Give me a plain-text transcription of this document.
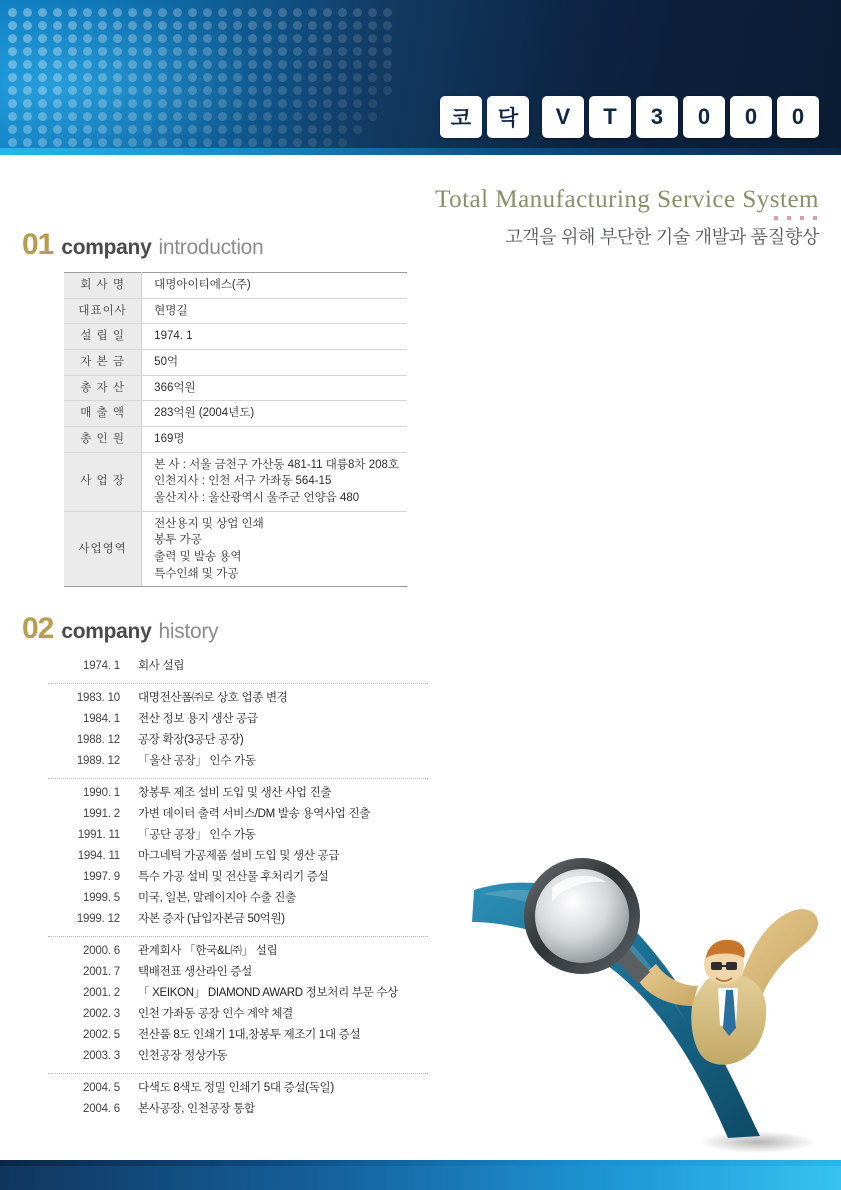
코	닥	V	T	3	0	0	0
Total Manufacturing Service System
고객을 위해 부단한 기술 개발과 품질향상
01 company introduction
회 사 명	대명아이티에스(주)

대표이사	현명길

설 립 일	1974. 1

자 본 금	50억

총 자 산	366억원

매 출 액	283억원 (2004년도)

총 인 원	169명

사 업 장	본 사 : 서울 금천구 가산동 481-11 대륭8차 208호
인천지사 : 인천 서구 가좌동 564-15
울산지사 : 울산광역시 울주군 언양읍 480

사업영역	전산용지 및 상업 인쇄
봉투 가공
출력 및 발송 용역
특수인쇄 및 가공
02 company history
1974. 1	회사 설립
1983. 10	대명전산폼㈜로 상호 업종 변경
1984. 1	전산 정보 용지 생산 공급
1988. 12	공장 확장(3공단 공장)
1989. 12	「울산 공장」 인수 가동
1990. 1	창봉투 제조 설비 도입 및 생산 사업 진출
1991. 2	가변 데이터 출력 서비스/DM 발송 용역사업 진출
1991. 11	「공단 공장」 인수 가동
1994. 11	마그네틱 가공제품 설비 도입 및 생산 공급
1997. 9	특수 가공 설비 및 전산물 후처리기 증설
1999. 5	미국, 일본, 말레이지아 수출 진출
1999. 12	자본 증자 (납입자본금 50억원)
2000. 6	관계회사 「한국&L㈜」 설립
2001. 7	택배전표 생산라인 증설
2001. 2	「 XEIKON」 DIAMOND AWARD 정보처리 부문 수상
2002. 3	인천 가좌동 공장 인수 계약 체결
2002. 5	전산품 8도 인쇄기 1대,창봉투 제조기 1대 증설
2003. 3	인천공장 정상가동
2004. 5	다색도 8색도 정밀 인쇄기 5대 증설(독일)
2004. 6	본사공장, 인천공장 통합
